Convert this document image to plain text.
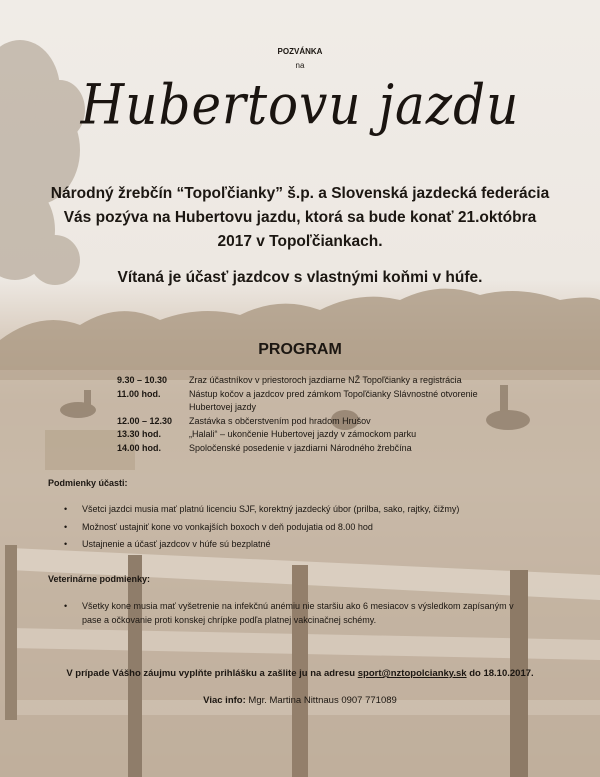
POZVÁNKA
na
Hubertovu jazdu
Národný žrebčín “Topoľčianky” š.p. a Slovenská jazdecká federácia
Vás pozýva na Hubertovu jazdu, ktorá sa bude konať 21.októbra
2017 v Topoľčiankach.
Vítaná je účasť jazdcov s vlastnými koňmi v húfe.
PROGRAM
9.30 – 10.30	Zraz účastníkov v priestoroch jazdiarne NŽ Topoľčianky a registrácia
11.00 hod.	Nástup kočov a jazdcov pred zámkom Topoľčianky Slávnostné otvorenie Hubertovej jazdy
12.00 – 12.30	Zastávka s občerstvením pod hradom Hrušov
13.30 hod.	„Halali“ – ukončenie Hubertovej jazdy v zámockom parku
14.00 hod.	Spoločenské posedenie v jazdiarni Národného žrebčína
Podmienky účasti:
• Všetci jazdci musia mať platnú licenciu SJF, korektný jazdecký úbor (prilba, sako, rajtky, čižmy)
• Možnosť ustajniť kone vo vonkajších boxoch v deň podujatia od 8.00 hod
• Ustajnenie a účasť jazdcov v húfe sú bezplatné
Veterinárne podmienky:
• Všetky kone musia mať vyšetrenie na infekčnú anémiu nie staršiu ako 6 mesiacov s výsledkom zapísaným v pase a očkovanie proti konskej chrípke podľa platnej vakcinačnej schémy.
V prípade Vášho záujmu vyplňte prihlášku a zašlite ju na adresu sport@nztopolcianky.sk do 18.10.2017.
Viac info: Mgr. Martina Nittnaus 0907 771089
